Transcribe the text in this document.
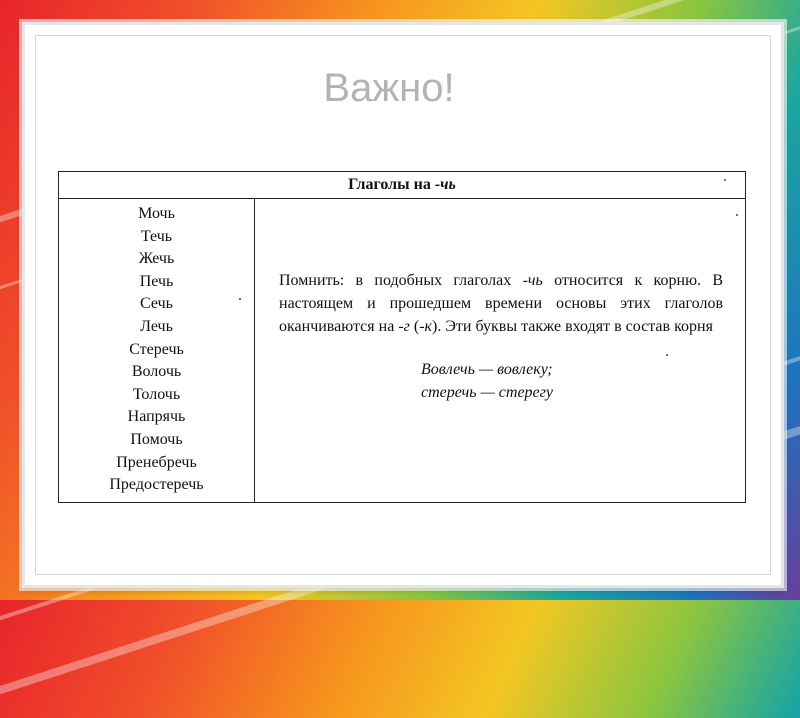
Важно!
Глаголы на -чь
Мочь
Течь
Жечь
Печь
Сечь
Лечь
Стеречь
Волочь
Толочь
Напрячь
Помочь
Пренебречь
Предостеречь

Помнить: в подобных глаголах -чь относится к корню. В настоящем и прошедшем времени основы этих глаголов оканчиваются на -г (-к). Эти буквы также входят в состав корня

Вовлечь — вовлеку;
стеречь — стерегу
